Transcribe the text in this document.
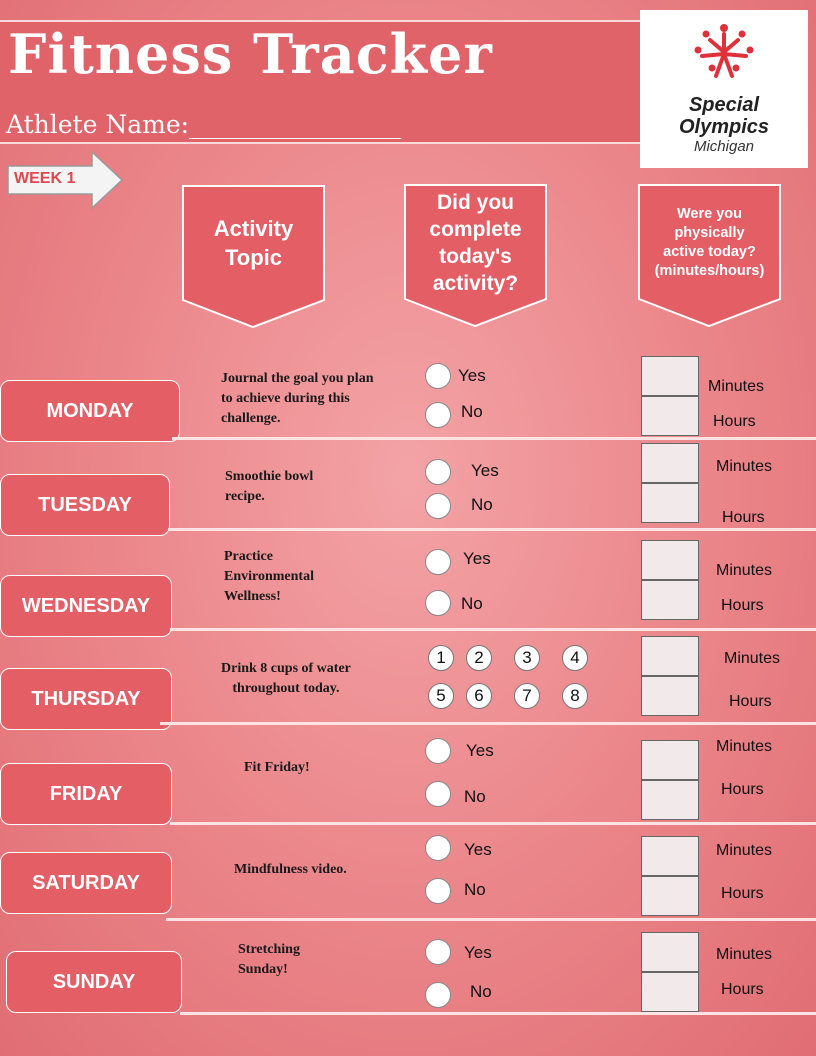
Fitness Tracker
Athlete Name:_________________
Special
Olympics
Michigan
WEEK 1
Activity
Topic
Did you
complete
today's
activity?
Were you
physically
active today?
(minutes/hours)
MONDAY
Journal the goal you plan
to achieve during this
challenge.
Yes
No
Minutes
Hours
TUESDAY
Smoothie bowl
recipe.
Yes
No
Minutes
Hours
WEDNESDAY
Practice
Environmental
Wellness!
Yes
No
Minutes
Hours
THURSDAY
Drink 8 cups of water
throughout today.
1	2	3	4
5	6	7	8
Minutes
Hours
FRIDAY
Fit Friday!
Yes
No
Minutes
Hours
SATURDAY
Mindfulness video.
Yes
No
Minutes
Hours
SUNDAY
Stretching
Sunday!
Yes
No
Minutes
Hours
